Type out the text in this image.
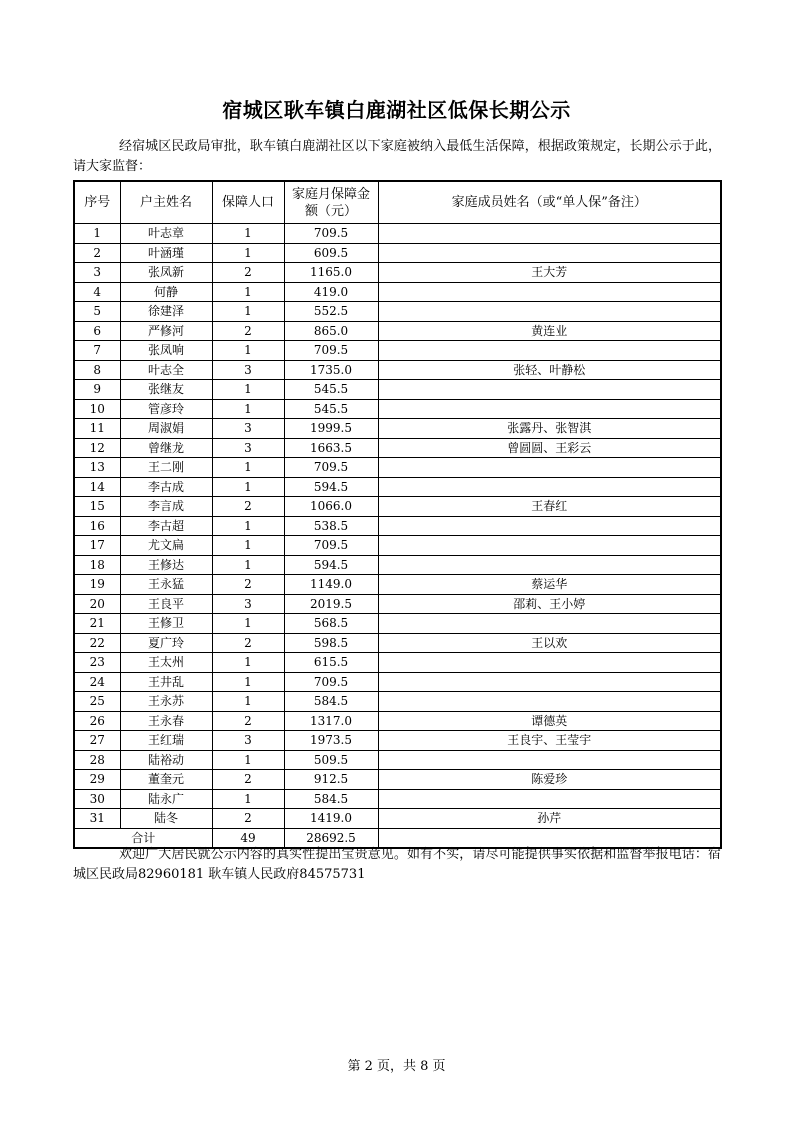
宿城区耿车镇白鹿湖社区低保长期公示
经宿城区民政局审批，耿车镇白鹿湖社区以下家庭被纳入最低生活保障，根据政策规定，长期公示于此，请大家监督：
序号	户主姓名	保障人口	家庭月保障金额（元）	家庭成员姓名（或“单人保”备注）
1	叶志章	1	709.5	
2	叶涵瑾	1	609.5	
3	张凤新	2	1165.0	王大芳
4	何静	1	419.0	
5	徐建泽	1	552.5	
6	严修河	2	865.0	黄连业
7	张凤响	1	709.5	
8	叶志全	3	1735.0	张轻、叶静松
9	张继友	1	545.5	
10	管彦玲	1	545.5	
11	周淑娟	3	1999.5	张露丹、张智淇
12	曾继龙	3	1663.5	曾圆圆、王彩云
13	王二刚	1	709.5	
14	李古成	1	594.5	
15	李言成	2	1066.0	王春红
16	李古超	1	538.5	
17	尤文扁	1	709.5	
18	王修达	1	594.5	
19	王永猛	2	1149.0	蔡运华
20	王良平	3	2019.5	邵莉、王小婷
21	王修卫	1	568.5	
22	夏广玲	2	598.5	王以欢
23	王太州	1	615.5	
24	王井乱	1	709.5	
25	王永苏	1	584.5	
26	王永春	2	1317.0	谭德英
27	王红瑞	3	1973.5	王良宇、王莹宇
28	陆裕动	1	509.5	
29	董奎元	2	912.5	陈爱珍
30	陆永广	1	584.5	
31	陆冬	2	1419.0	孙芹
合计		49	28692.5	
欢迎广大居民就公示内容的真实性提出宝贵意见。如有不实，请尽可能提供事实依据和监督举报电话：宿城区民政局82960181 耿车镇人民政府84575731
第 2 页，共 8 页
